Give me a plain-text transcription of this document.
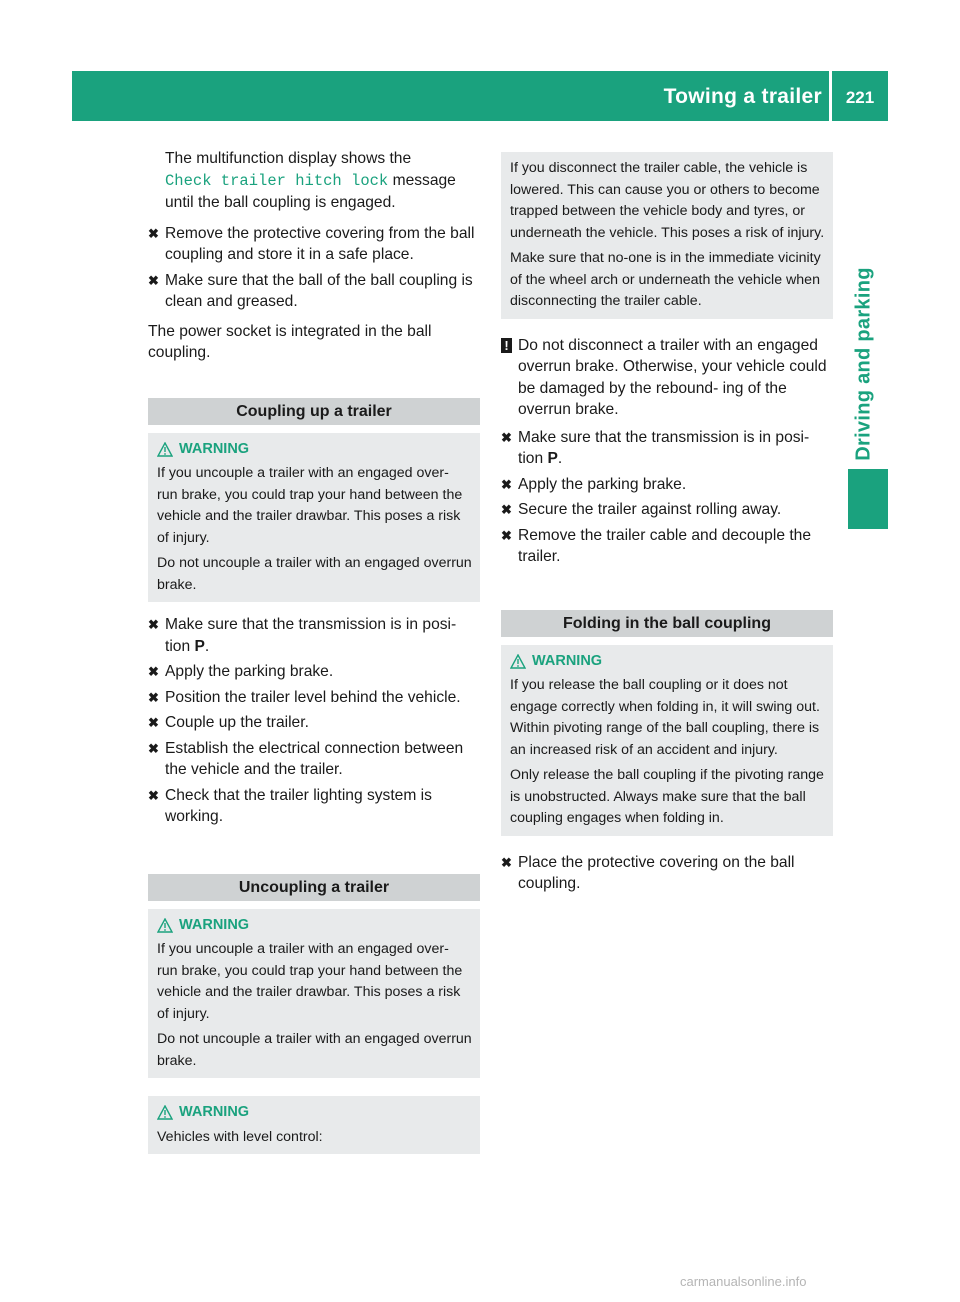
Towing a trailer	221
Driving and parking

The multifunction display shows the
Check trailer hitch lock message until the ball coupling is engaged.

✖ Remove the protective covering from the ball coupling and store it in a safe place.
✖ Make sure that the ball of the ball coupling is clean and greased.

The power socket is integrated in the ball coupling.

Coupling up a trailer
WARNING

If you uncouple a trailer with an engaged over- run brake, you could trap your hand between the vehicle and the trailer drawbar. This poses a risk of injury.

Do not uncouple a trailer with an engaged overrun brake.

✖ Make sure that the transmission is in posi- tion P.
✖ Apply the parking brake.
✖ Position the trailer level behind the vehicle.
✖ Couple up the trailer.
✖ Establish the electrical connection between the vehicle and the trailer.
✖ Check that the trailer lighting system is working.
Uncoupling a trailer
WARNING

If you uncouple a trailer with an engaged over- run brake, you could trap your hand between the vehicle and the trailer drawbar. This poses a risk of injury.

Do not uncouple a trailer with an engaged overrun brake.

WARNING

Vehicles with level control:

If you disconnect the trailer cable, the vehicle is lowered. This can cause you or others to become trapped between the vehicle body and tyres, or underneath the vehicle. This poses a risk of injury.

Make sure that no-one is in the immediate vicinity of the wheel arch or underneath the vehicle when disconnecting the trailer cable.

! Do not disconnect a trailer with an engaged overrun brake. Otherwise, your vehicle could be damaged by the rebound- ing of the overrun brake.
✖ Make sure that the transmission is in posi- tion P.
✖ Apply the parking brake.
✖ Secure the trailer against rolling away.
✖ Remove the trailer cable and decouple the trailer.
Folding in the ball coupling
WARNING

If you release the ball coupling or it does not engage correctly when folding in, it will swing out. Within pivoting range of the ball coupling, there is an increased risk of an accident and injury.

Only release the ball coupling if the pivoting range is unobstructed. Always make sure that the ball coupling engages when folding in.

✖ Place the protective covering on the ball coupling.
carmanualsonline.info
